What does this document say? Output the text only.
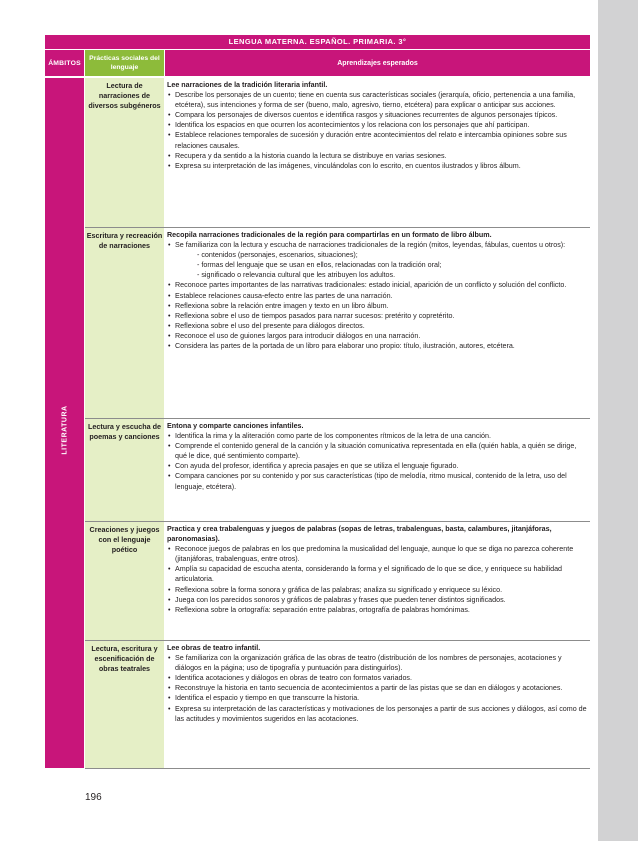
LENGUA MATERNA. ESPAÑOL. PRIMARIA. 3°
ÁMBITOS
Prácticas sociales del lenguaje
Aprendizajes esperados
LITERATURA
Lectura de narraciones de diversos subgéneros
Lee narraciones de la tradición literaria infantil.
• Describe los personajes de un cuento; tiene en cuenta sus características sociales (jerarquía, oficio, pertenencia a una familia, etcétera), sus intenciones y forma de ser (bueno, malo, agresivo, tierno, etcétera) para explicar o anticipar sus acciones.
• Compara los personajes de diversos cuentos e identifica rasgos y situaciones recurrentes de algunos personajes típicos.
• Identifica los espacios en que ocurren los acontecimientos y los relaciona con los personajes que ahí participan.
• Establece relaciones temporales de sucesión y duración entre acontecimientos del relato e intercambia opiniones sobre sus relaciones causales.
• Recupera y da sentido a la historia cuando la lectura se distribuye en varias sesiones.
• Expresa su interpretación de las imágenes, vinculándolas con lo escrito, en cuentos ilustrados y libros álbum.
Escritura y recreación de narraciones
Recopila narraciones tradicionales de la región para compartirlas en un formato de libro álbum.
• Se familiariza con la lectura y escucha de narraciones tradicionales de la región (mitos, leyendas, fábulas, cuentos u otros):
- contenidos (personajes, escenarios, situaciones);
- formas del lenguaje que se usan en ellos, relacionadas con la tradición oral;
- significado o relevancia cultural que les atribuyen los adultos.
• Reconoce partes importantes de las narrativas tradicionales: estado inicial, aparición de un conflicto y solución del conflicto.
• Establece relaciones causa-efecto entre las partes de una narración.
• Reflexiona sobre la relación entre imagen y texto en un libro álbum.
• Reflexiona sobre el uso de tiempos pasados para narrar sucesos: pretérito y copretérito.
• Reflexiona sobre el uso del presente para diálogos directos.
• Reconoce el uso de guiones largos para introducir diálogos en una narración.
• Considera las partes de la portada de un libro para elaborar uno propio: título, ilustración, autores, etcétera.
Lectura y escucha de poemas y canciones
Entona y comparte canciones infantiles.
• Identifica la rima y la aliteración como parte de los componentes rítmicos de la letra de una canción.
• Comprende el contenido general de la canción y la situación comunicativa representada en ella (quién habla, a quién se dirige, qué le dice, qué sentimiento comparte).
• Con ayuda del profesor, identifica y aprecia pasajes en que se utiliza el lenguaje figurado.
• Compara canciones por su contenido y por sus características (tipo de melodía, ritmo musical, contenido de la letra, uso del lenguaje, etcétera).
Creaciones y juegos con el lenguaje poético
Practica y crea trabalenguas y juegos de palabras (sopas de letras, trabalenguas, basta, calambures, jitanjáforas, paronomasias).
• Reconoce juegos de palabras en los que predomina la musicalidad del lenguaje, aunque lo que se diga no parezca coherente (jitanjáforas, trabalenguas, entre otros).
• Amplía su capacidad de escucha atenta, considerando la forma y el significado de lo que se dice, y enriquece su habilidad articulatoria.
• Reflexiona sobre la forma sonora y gráfica de las palabras; analiza su significado y enriquece su léxico.
• Juega con los parecidos sonoros y gráficos de palabras y frases que pueden tener distintos significados.
• Reflexiona sobre la ortografía: separación entre palabras, ortografía de palabras homónimas.
Lectura, escritura y escenificación de obras teatrales
Lee obras de teatro infantil.
• Se familiariza con la organización gráfica de las obras de teatro (distribución de los nombres de personajes, acotaciones y diálogos en la página; uso de tipografía y puntuación para distinguirlos).
• Identifica acotaciones y diálogos en obras de teatro con formatos variados.
• Reconstruye la historia en tanto secuencia de acontecimientos a partir de las pistas que se dan en diálogos y acotaciones.
• Identifica el espacio y tiempo en que transcurre la historia.
• Expresa su interpretación de las características y motivaciones de los personajes a partir de sus acciones y diálogos, así como de las actitudes y movimientos sugeridos en las acotaciones.
196
